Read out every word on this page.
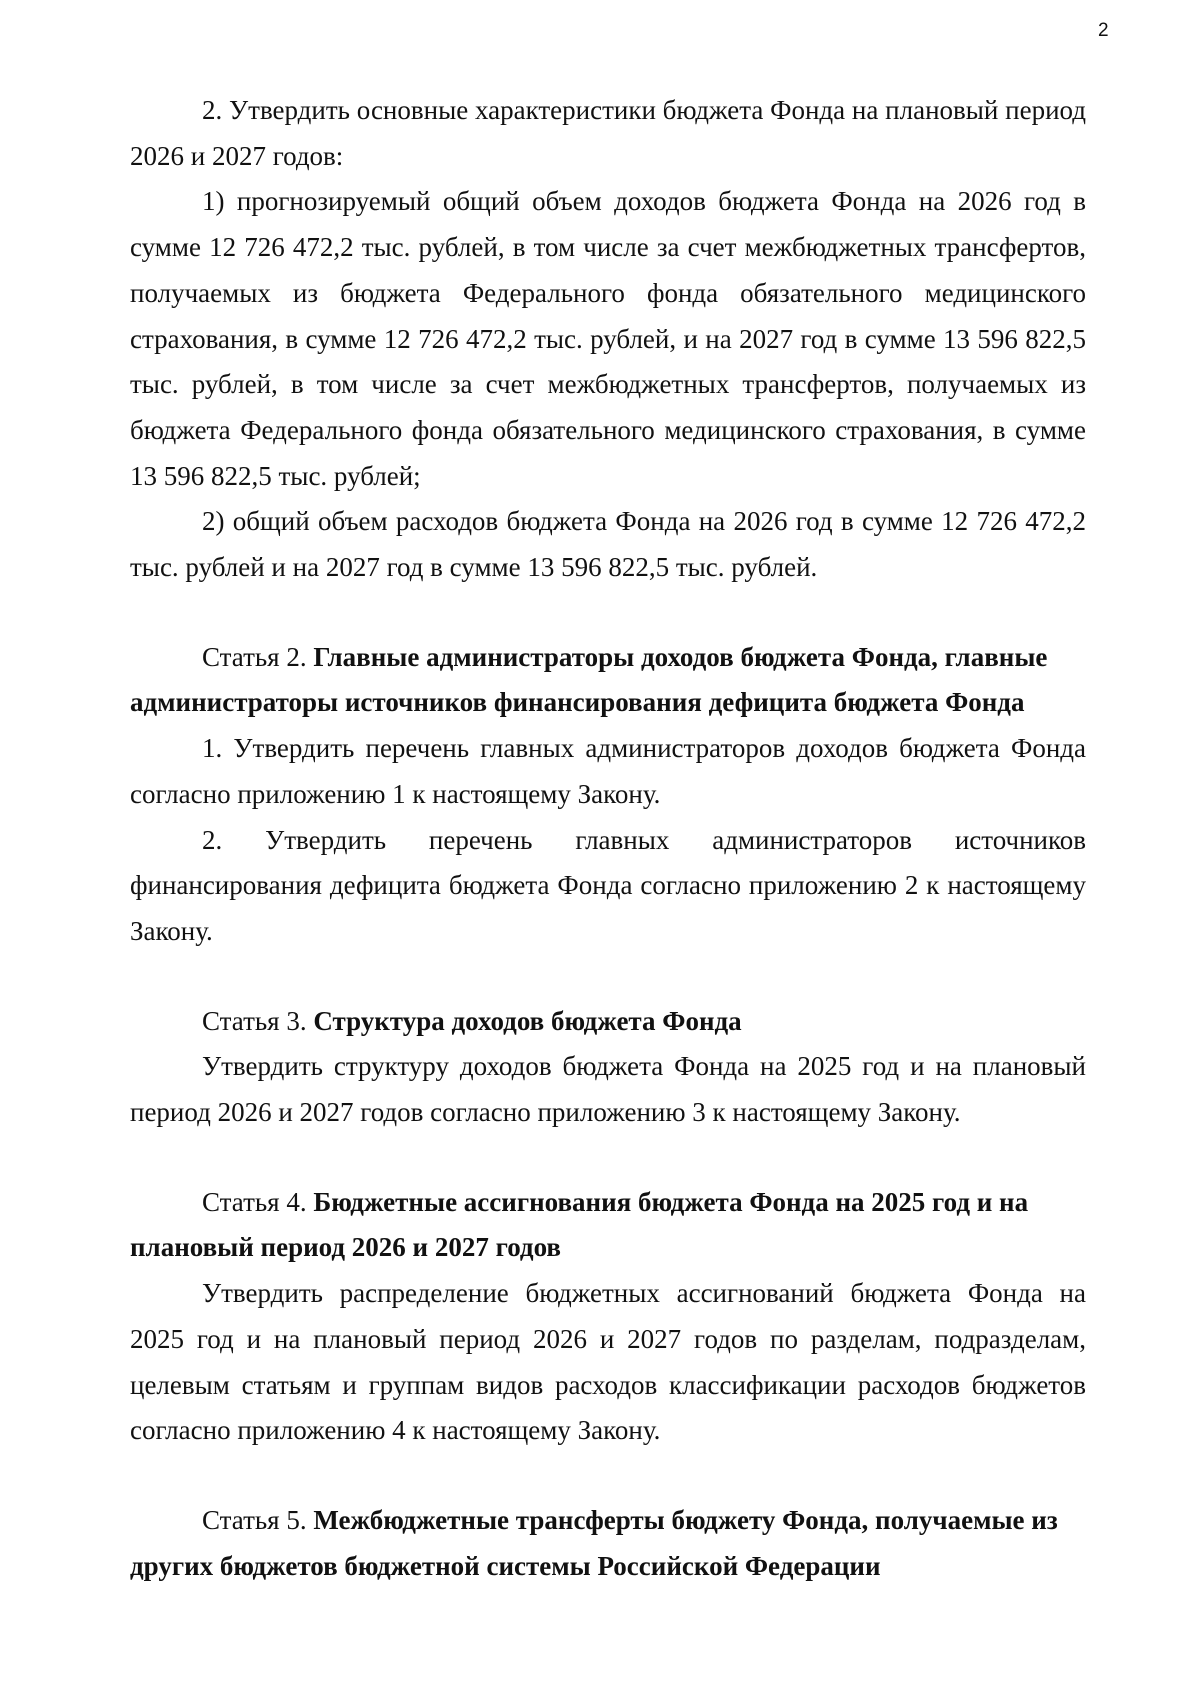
2

2. Утвердить основные характеристики бюджета Фонда на плановый период 2026 и 2027 годов:

1) прогнозируемый общий объем доходов бюджета Фонда на 2026 год в сумме 12 726 472,2 тыс. рублей, в том числе за счет межбюджетных трансфертов, получаемых из бюджета Федерального фонда обязательного медицинского страхования, в сумме 12 726 472,2 тыс. рублей, и на 2027 год в сумме 13 596 822,5 тыс. рублей, в том числе за счет межбюджетных трансфертов, получаемых из бюджета Федерального фонда обязательного медицинского страхования, в сумме 13 596 822,5 тыс. рублей;

2) общий объем расходов бюджета Фонда на 2026 год в сумме 12 726 472,2 тыс. рублей и на 2027 год в сумме 13 596 822,5 тыс. рублей.

Статья 2. Главные администраторы доходов бюджета Фонда, главные администраторы источников финансирования дефицита бюджета Фонда

1. Утвердить перечень главных администраторов доходов бюджета Фонда согласно приложению 1 к настоящему Закону.

2. Утвердить перечень главных администраторов источников финансирования дефицита бюджета Фонда согласно приложению 2 к настоящему Закону.

Статья 3. Структура доходов бюджета Фонда

Утвердить структуру доходов бюджета Фонда на 2025 год и на плановый период 2026 и 2027 годов согласно приложению 3 к настоящему Закону.

Статья 4. Бюджетные ассигнования бюджета Фонда на 2025 год и на плановый период 2026 и 2027 годов

Утвердить распределение бюджетных ассигнований бюджета Фонда на 2025 год и на плановый период 2026 и 2027 годов по разделам, подразделам, целевым статьям и группам видов расходов классификации расходов бюджетов согласно приложению 4 к настоящему Закону.

Статья 5. Межбюджетные трансферты бюджету Фонда, получаемые из других бюджетов бюджетной системы Российской Федерации
